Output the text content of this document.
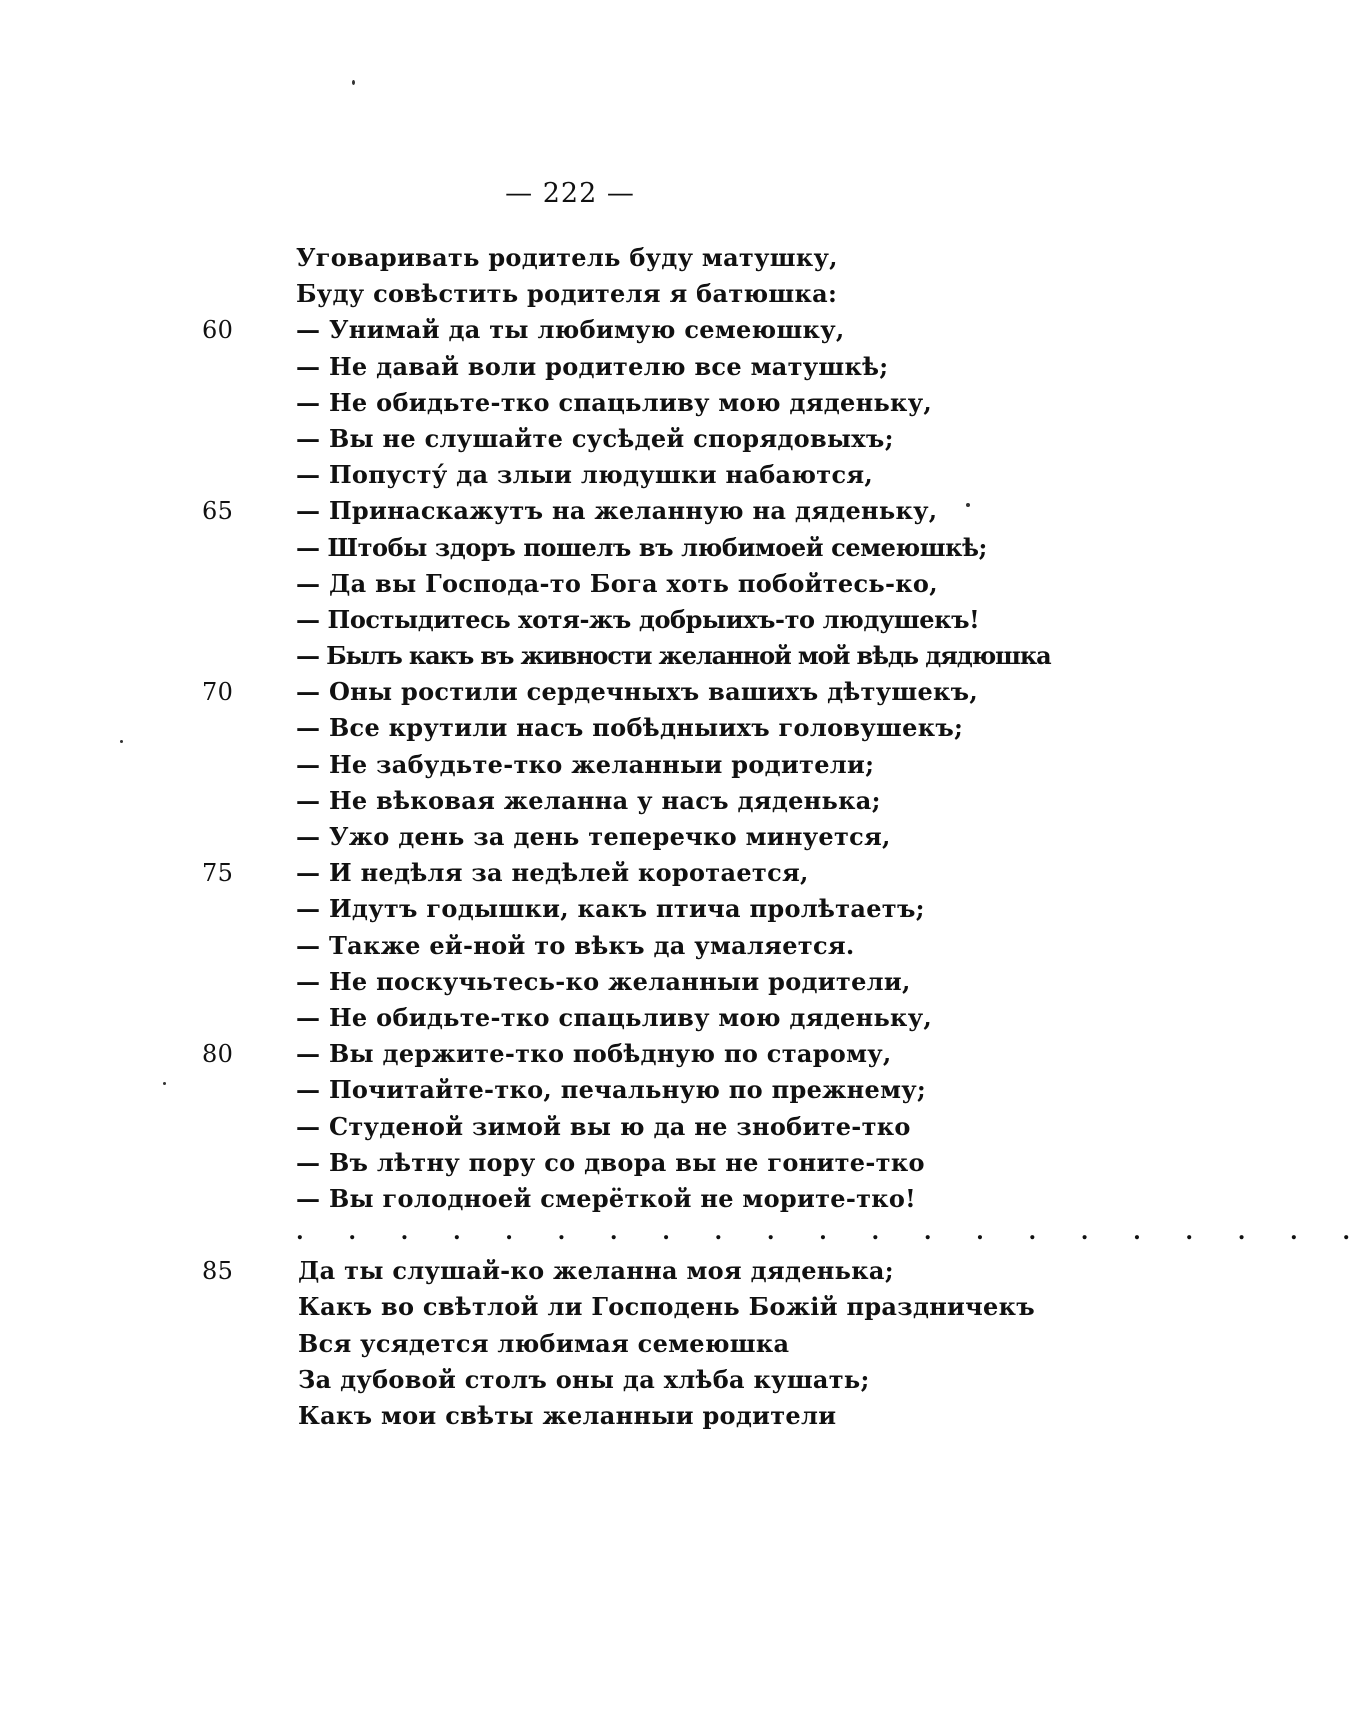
— 222 —
Уговаривать родитель буду матушку,
Буду совѣстить родителя я батюшка:
60	— Унимай да ты любимую семеюшку,
— Не давай воли родителю все матушкѣ;
— Не обидьте-тко спацьливу мою дяденьку,
— Вы не слушайте сусѣдей спорядовыхъ;
— Попусту́ да злыи людушки набаются,
65	— Принаскажутъ на желанную на дяденьку,
— Штобы здоръ пошелъ въ любимоей семеюшкѣ;
— Да вы Господа-то Бога хоть побойтесь-ко,
— Постыдитесь хотя-жъ добрыихъ-то людушекъ!
— Былъ какъ въ живности желанной мой вѣдь дядюшка
70	— Оны ростили сердечныхъ вашихъ дѣтушекъ,
— Все крутили насъ побѣдныихъ головушекъ;
— Не забудьте-тко желанныи родители;
— Не вѣковая желанна у насъ дяденька;
— Ужо день за день теперечко минуется,
75	— И недѣля за недѣлей коротается,
— Идутъ годышки, какъ птича пролѣтаетъ;
— Также ей-ной то вѣкъ да умаляется.
— Не поскучьтесь-ко желанныи родители,
— Не обидьте-тко спацьливу мою дяденьку,
80	— Вы держите-тко побѣдную по старому,
— Почитайте-тко, печальную по прежнему;
— Студеной зимой вы ю да не знобите-тко
— Въ лѣтну пору со двора вы не гоните-тко
— Вы голодноей смерёткой не морите-тко!
. . . . . . . . . . . . . . . . . . . . .
85	Да ты слушай-ко желанна моя дяденька;
Какъ во свѣтлой ли Господень Божій праздничекъ
Вся усядется любимая семеюшка
За дубовой столъ оны да хлѣба кушать;
Какъ мои свѣты желанныи родители
